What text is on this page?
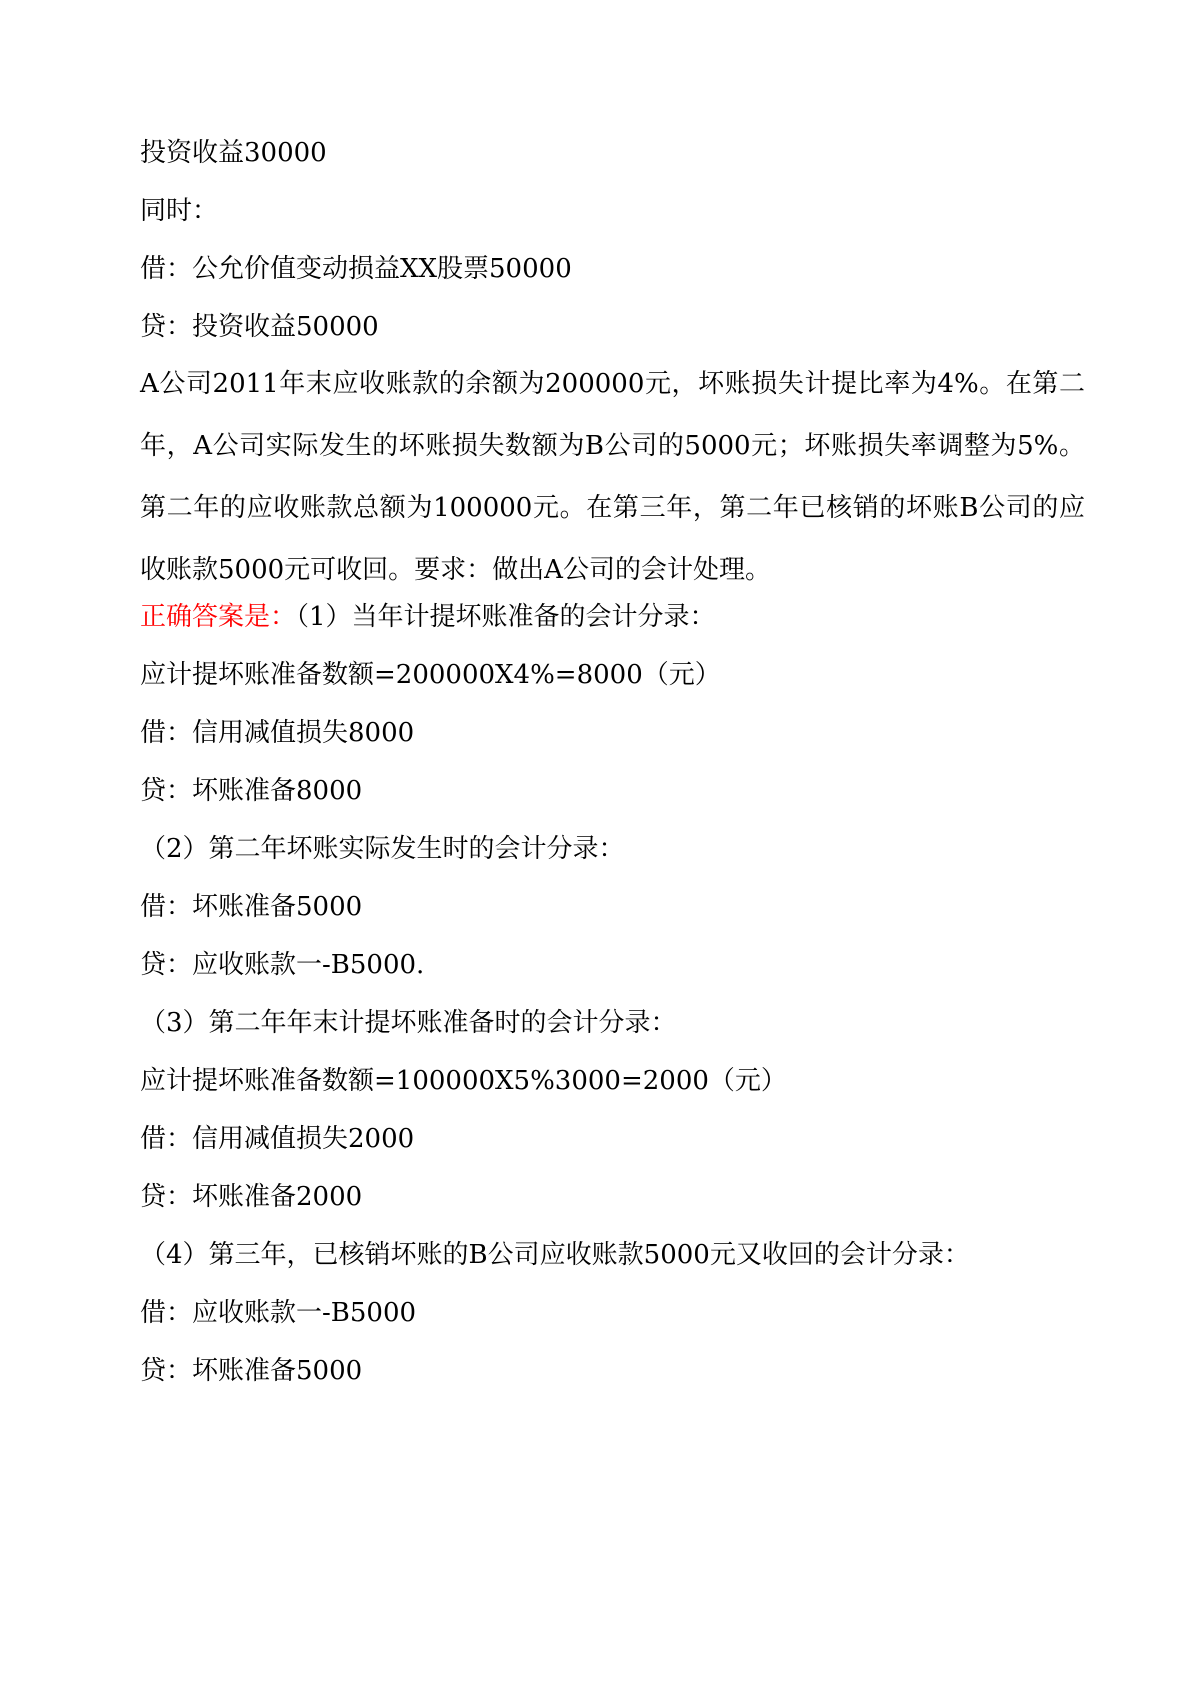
投资收益30000
同时：
借：公允价值变动损益XX股票50000
贷：投资收益50000
A公司2011年末应收账款的余额为200000元，坏账损失计提比率为4%。在第二年，A公司实际发生的坏账损失数额为B公司的5000元；坏账损失率调整为5%。第二年的应收账款总额为100000元。在第三年，第二年已核销的坏账B公司的应收账款5000元可收回。要求：做出A公司的会计处理。
正确答案是：（1）当年计提坏账准备的会计分录：
应计提坏账准备数额=200000X4%=8000（元）
借：信用减值损失8000
贷：坏账准备8000
（2）第二年坏账实际发生时的会计分录：
借：坏账准备5000
贷：应收账款一-B5000.
（3）第二年年末计提坏账准备时的会计分录：
应计提坏账准备数额=100000X5%3000=2000（元）
借：信用减值损失2000
贷：坏账准备2000
（4）第三年，已核销坏账的B公司应收账款5000元又收回的会计分录：
借：应收账款一-B5000
贷：坏账准备5000
